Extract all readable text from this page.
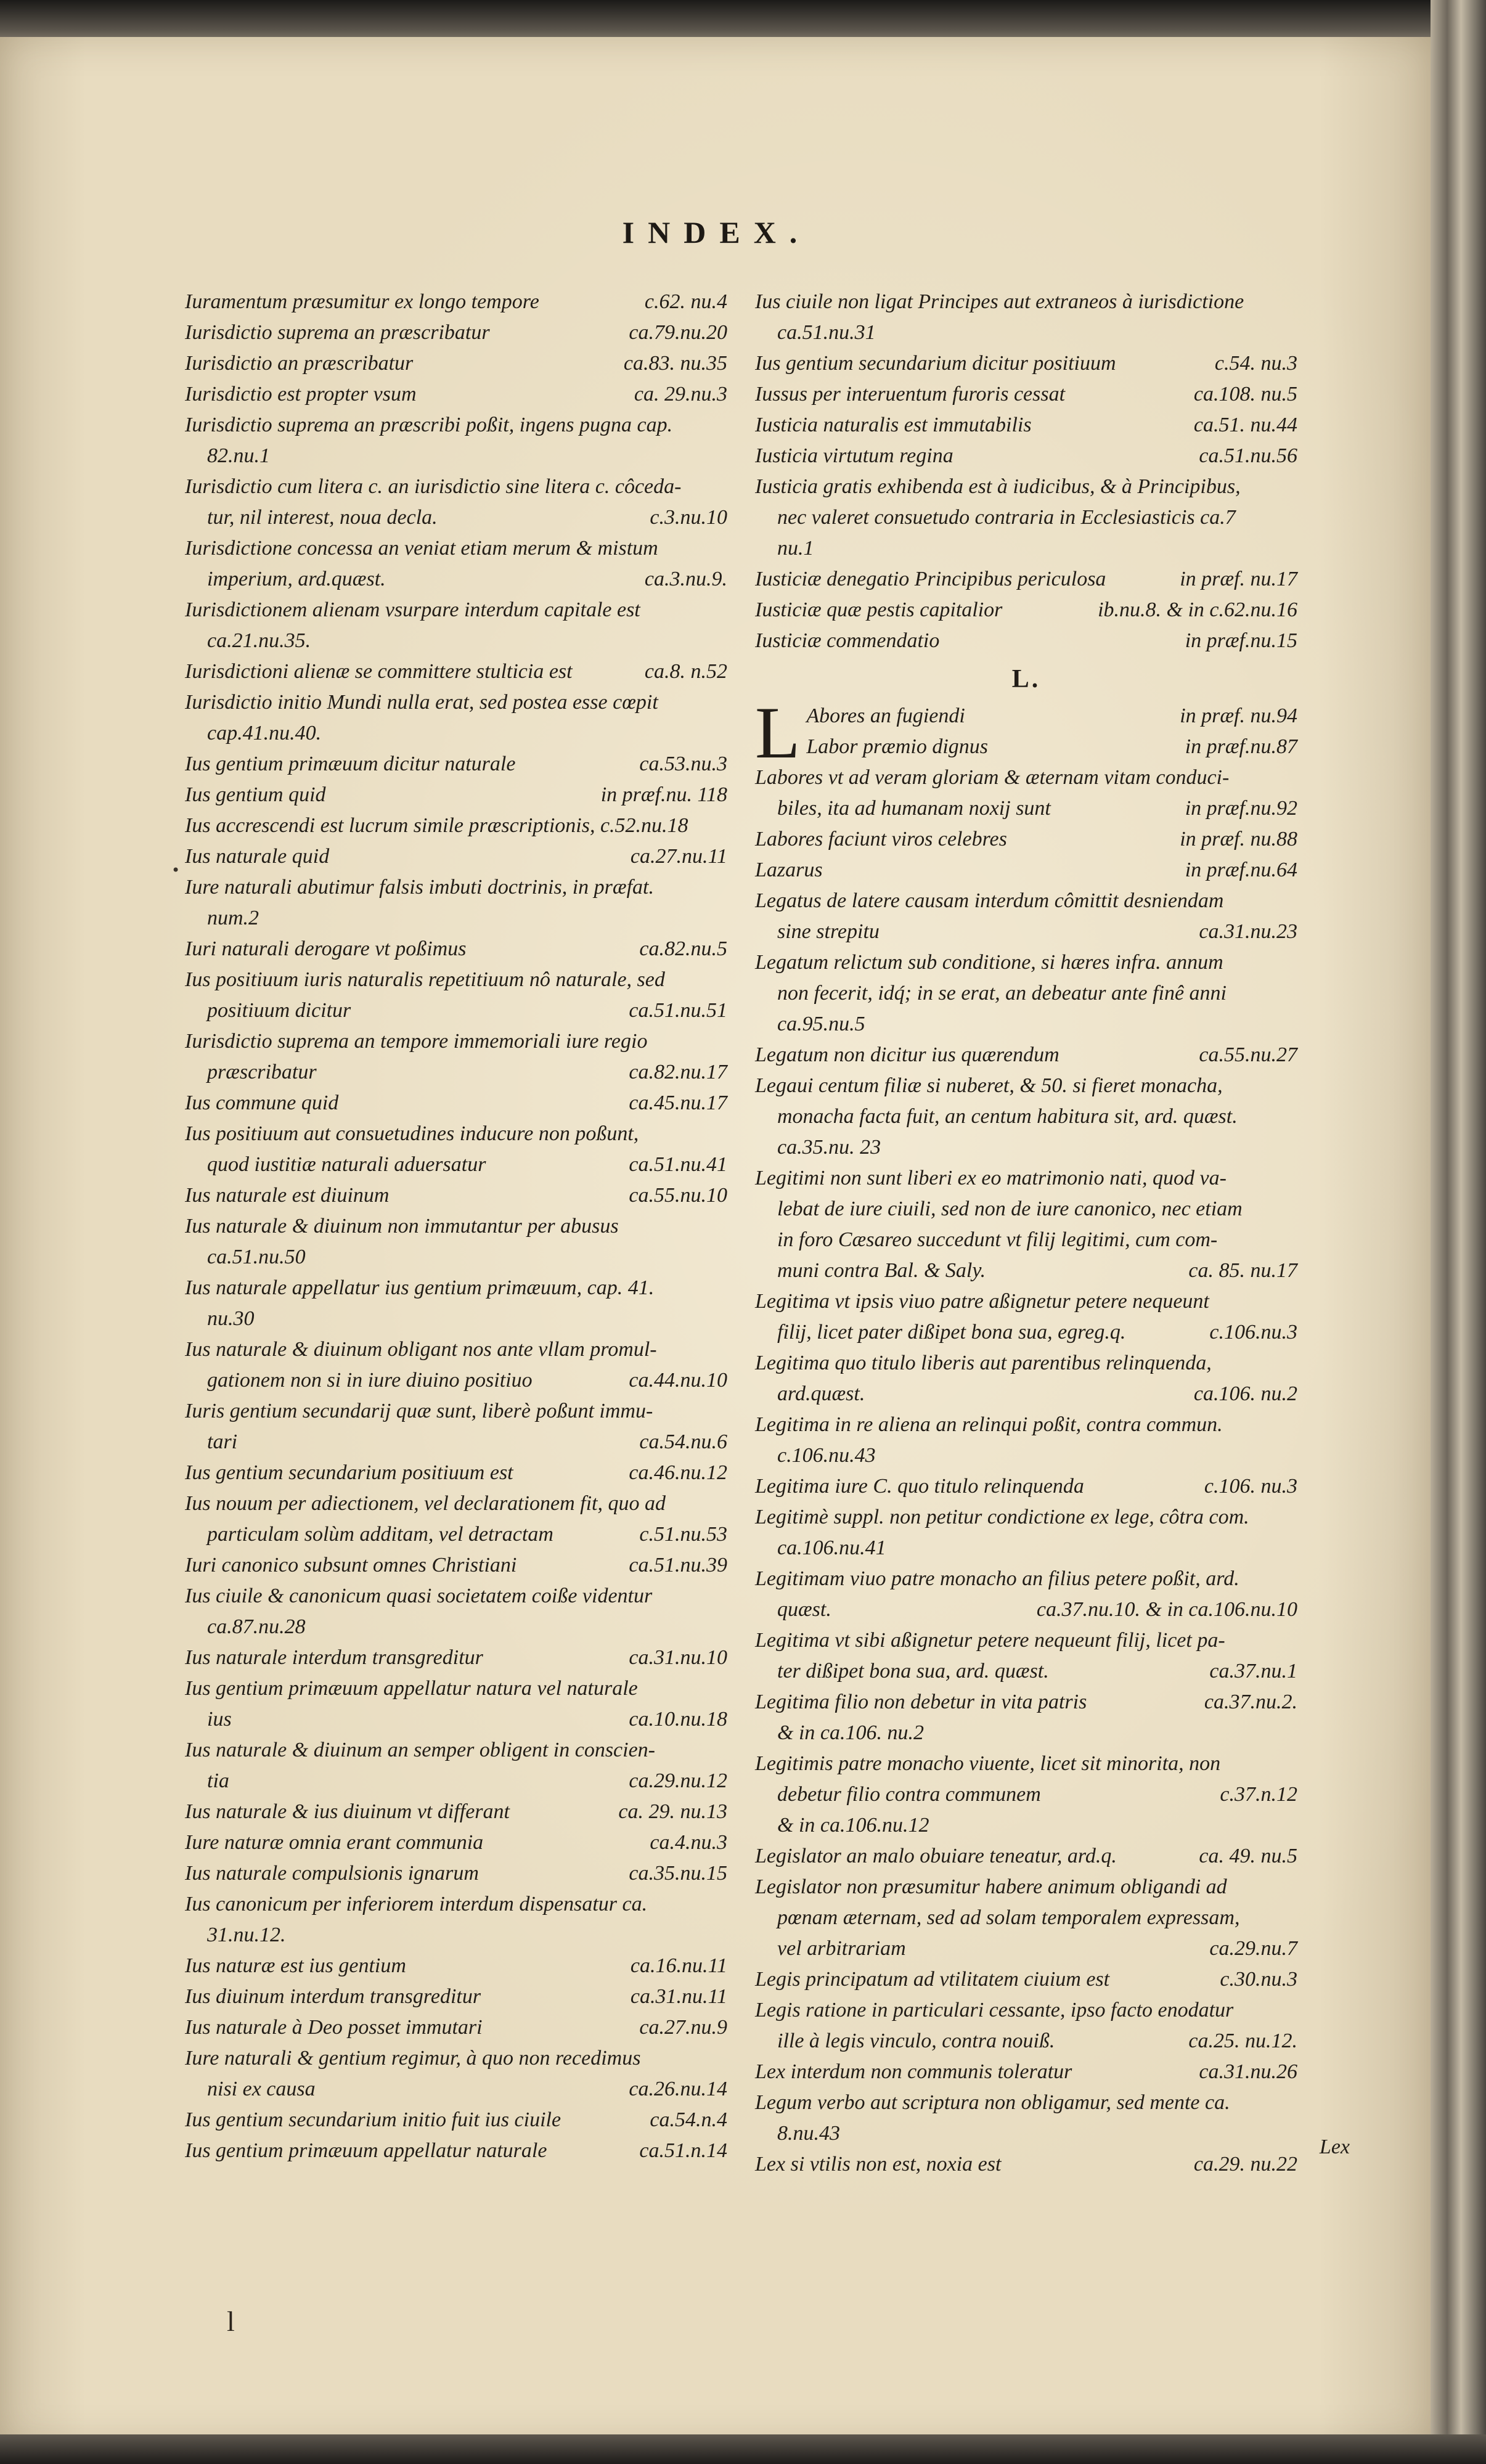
INDEX.
•
Iuramentum præsumitur ex longo tempore	c.62. nu.4
Iurisdictio suprema an præscribatur	ca.79.nu.20
Iurisdictio an præscribatur	ca.83. nu.35
Iurisdictio est propter vsum	ca. 29.nu.3
Iurisdictio suprema an præscribi poßit, ingens pugna cap.
82.nu.1
Iurisdictio cum litera c. an iurisdictio sine litera c. côceda-
tur, nil interest, noua decla.	c.3.nu.10
Iurisdictione concessa an veniat etiam merum & mistum
imperium, ard.quæst.	ca.3.nu.9.
Iurisdictionem alienam vsurpare interdum capitale est
ca.21.nu.35.
Iurisdictioni alienæ se committere stulticia est	ca.8. n.52
Iurisdictio initio Mundi nulla erat, sed postea esse cœpit
cap.41.nu.40.
Ius gentium primæuum dicitur naturale	ca.53.nu.3
Ius gentium quid	in præf.nu. 118
Ius accrescendi est lucrum simile præscriptionis, c.52.nu.18
Ius naturale quid	ca.27.nu.11
Iure naturali abutimur falsis imbuti doctrinis, in præfat.
num.2
Iuri naturali derogare vt poßimus	ca.82.nu.5
Ius positiuum iuris naturalis repetitiuum nô naturale, sed
positiuum dicitur	ca.51.nu.51
Iurisdictio suprema an tempore immemoriali iure regio
præscribatur	ca.82.nu.17
Ius commune quid	ca.45.nu.17
Ius positiuum aut consuetudines inducure non poßunt,
quod iustitiæ naturali aduersatur	ca.51.nu.41
Ius naturale est diuinum	ca.55.nu.10
Ius naturale & diuinum non immutantur per abusus
ca.51.nu.50
Ius naturale appellatur ius gentium primæuum, cap. 41.
nu.30
Ius naturale & diuinum obligant nos ante vllam promul-
gationem non si in iure diuino positiuo	ca.44.nu.10
Iuris gentium secundarij quæ sunt, liberè poßunt immu-
tari	ca.54.nu.6
Ius gentium secundarium positiuum est	ca.46.nu.12
Ius nouum per adiectionem, vel declarationem fit, quo ad
particulam solùm additam, vel detractam	c.51.nu.53
Iuri canonico subsunt omnes Christiani	ca.51.nu.39
Ius ciuile & canonicum quasi societatem coiße videntur
ca.87.nu.28
Ius naturale interdum transgreditur	ca.31.nu.10
Ius gentium primæuum appellatur natura vel naturale
ius	ca.10.nu.18
Ius naturale & diuinum an semper obligent in conscien-
tia	ca.29.nu.12
Ius naturale & ius diuinum vt differant	ca. 29. nu.13
Iure naturæ omnia erant communia	ca.4.nu.3
Ius naturale compulsionis ignarum	ca.35.nu.15
Ius canonicum per inferiorem interdum dispensatur ca.
31.nu.12.
Ius naturæ est ius gentium	ca.16.nu.11
Ius diuinum interdum transgreditur	ca.31.nu.11
Ius naturale à Deo posset immutari	ca.27.nu.9
Iure naturali & gentium regimur, à quo non recedimus
nisi ex causa	ca.26.nu.14
Ius gentium secundarium initio fuit ius ciuile	ca.54.n.4
Ius gentium primæuum appellatur naturale	ca.51.n.14
Ius ciuile non ligat Principes aut extraneos à iurisdictione
ca.51.nu.31
Ius gentium secundarium dicitur positiuum	c.54. nu.3
Iussus per interuentum furoris cessat	ca.108. nu.5
Iusticia naturalis est immutabilis	ca.51. nu.44
Iusticia virtutum regina	ca.51.nu.56
Iusticia gratis exhibenda est à iudicibus, & à Principibus,
nec valeret consuetudo contraria in Ecclesiasticis ca.7
nu.1
Iusticiæ denegatio Principibus periculosa	in præf. nu.17
Iusticiæ quæ pestis capitalior	ib.nu.8. & in c.62.nu.16
Iusticiæ commendatio	in præf.nu.15
L.
L Abores an fugiendi	in præf. nu.94
Labor præmio dignus	in præf.nu.87
Labores vt ad veram gloriam & æternam vitam conduci-
biles, ita ad humanam noxij sunt	in præf.nu.92
Labores faciunt viros celebres	in præf. nu.88
Lazarus	in præf.nu.64
Legatus de latere causam interdum cômittit desniendam
sine strepitu	ca.31.nu.23
Legatum relictum sub conditione, si hæres infra. annum
non fecerit, idq́; in se erat, an debeatur ante finê anni
ca.95.nu.5
Legatum non dicitur ius quærendum	ca.55.nu.27
Legaui centum filiæ si nuberet, & 50. si fieret monacha,
monacha facta fuit, an centum habitura sit, ard. quæst.
ca.35.nu. 23
Legitimi non sunt liberi ex eo matrimonio nati, quod va-
lebat de iure ciuili, sed non de iure canonico, nec etiam
in foro Cæsareo succedunt vt filij legitimi, cum com-
muni contra Bal. & Saly.	ca. 85. nu.17
Legitima vt ipsis viuo patre aßignetur petere nequeunt
filij, licet pater dißipet bona sua, egreg.q.	c.106.nu.3
Legitima quo titulo liberis aut parentibus relinquenda,
ard.quæst.	ca.106. nu.2
Legitima in re aliena an relinqui poßit, contra commun.
c.106.nu.43
Legitima iure C. quo titulo relinquenda	c.106. nu.3
Legitimè suppl. non petitur condictione ex lege, côtra com.
ca.106.nu.41
Legitimam viuo patre monacho an filius petere poßit, ard.
quæst.	ca.37.nu.10. & in ca.106.nu.10
Legitima vt sibi aßignetur petere nequeunt filij, licet pa-
ter dißipet bona sua, ard. quæst.	ca.37.nu.1
Legitima filio non debetur in vita patris	ca.37.nu.2.
& in ca.106. nu.2
Legitimis patre monacho viuente, licet sit minorita, non
debetur filio contra communem	c.37.n.12
& in ca.106.nu.12
Legislator an malo obuiare teneatur, ard.q.	ca. 49. nu.5
Legislator non præsumitur habere animum obligandi ad
pœnam æternam, sed ad solam temporalem expressam,
vel arbitrariam	ca.29.nu.7
Legis principatum ad vtilitatem ciuium est	c.30.nu.3
Legis ratione in particulari cessante, ipso facto enodatur
ille à legis vinculo, contra nouiß.	ca.25. nu.12.
Lex interdum non communis toleratur	ca.31.nu.26
Legum verbo aut scriptura non obligamur, sed mente ca.
8.nu.43
Lex si vtilis non est, noxia est	ca.29. nu.22
Lex
l
